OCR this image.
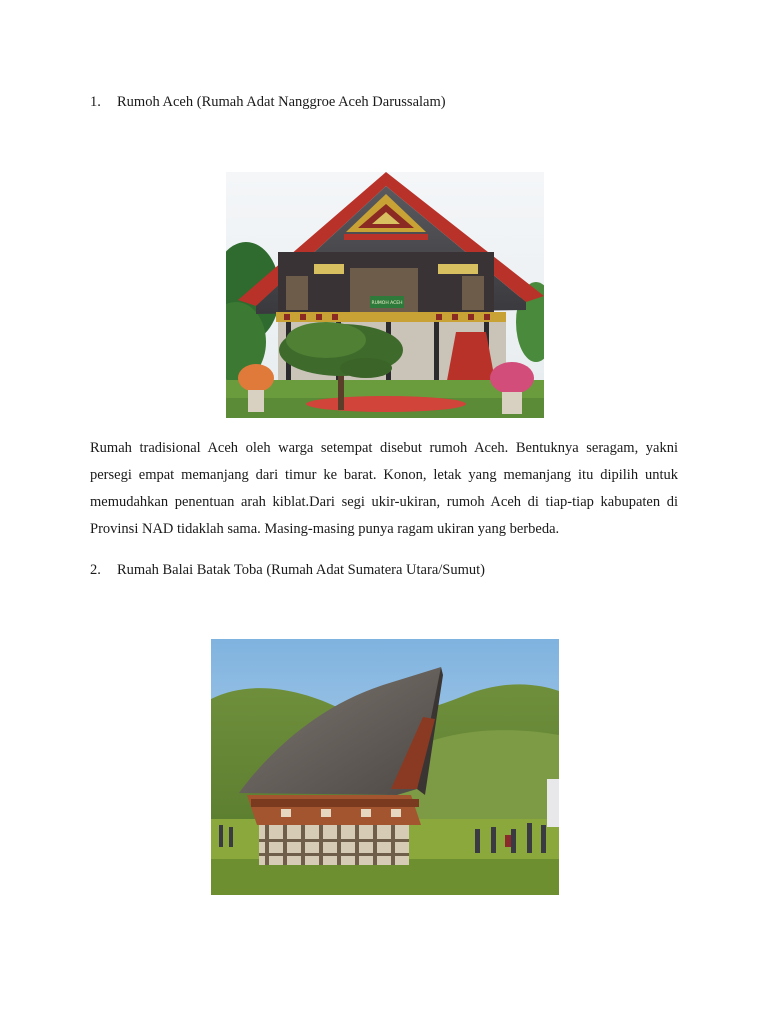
1. Rumoh Aceh (Rumah Adat Nanggroe Aceh Darussalam)
RUMOH ACEH
Rumah tradisional Aceh oleh warga setempat disebut rumoh Aceh. Bentuknya seragam, yakni persegi empat memanjang dari timur ke barat. Konon, letak yang memanjang itu dipilih untuk memudahkan penentuan arah kiblat.Dari segi ukir-ukiran, rumoh Aceh di tiap-tiap kabupaten di Provinsi NAD tidaklah sama. Masing-masing punya ragam ukiran yang berbeda.
2. Rumah Balai Batak Toba (Rumah Adat Sumatera Utara/Sumut)
